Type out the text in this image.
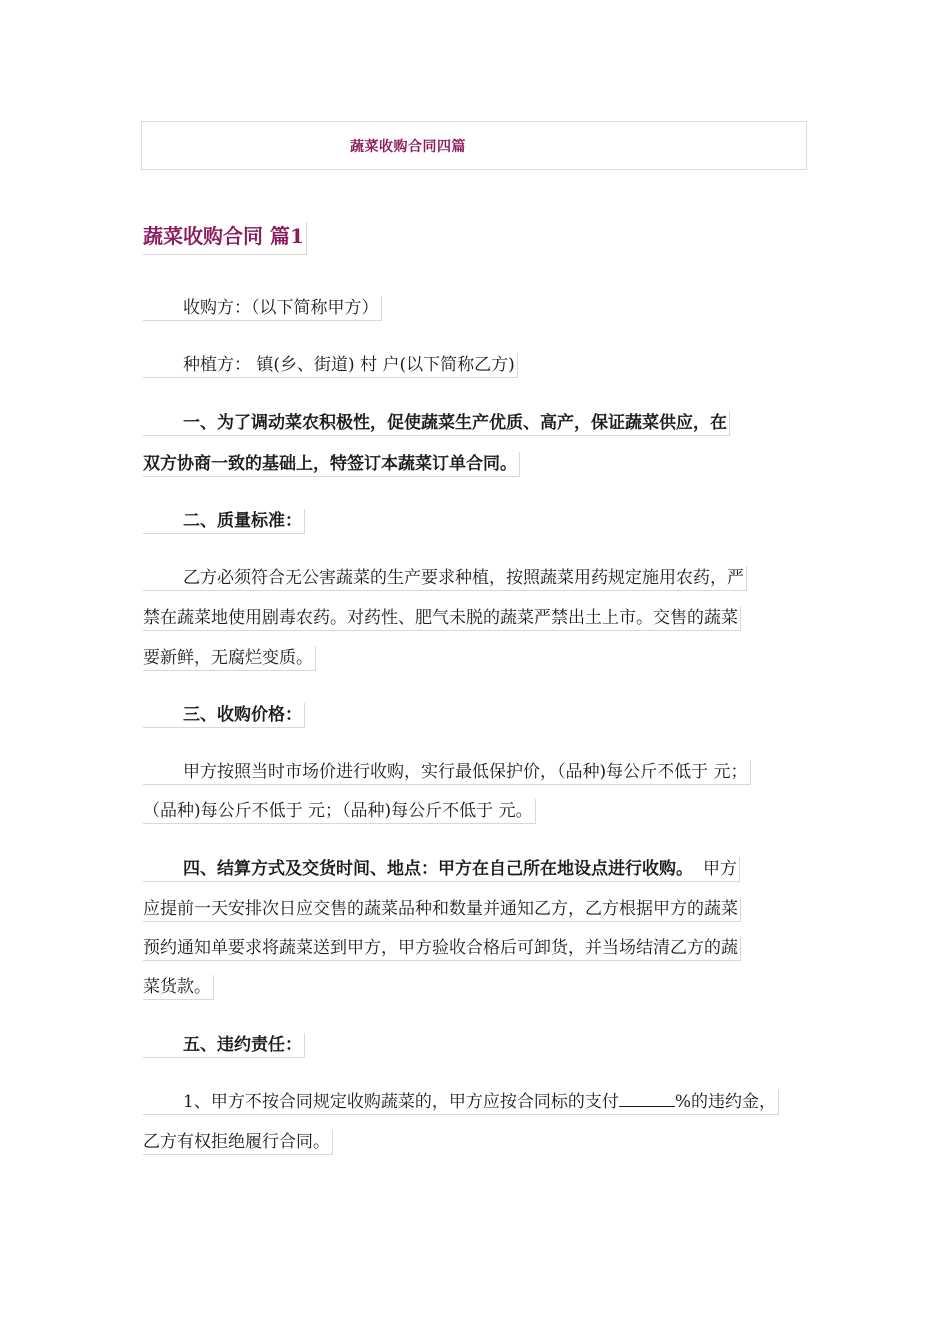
蔬菜收购合同四篇
蔬菜收购合同 篇1
收购方：（以下简称甲方）
种植方： 镇(乡、街道) 村 户(以下简称乙方)
一、为了调动菜农积极性，促使蔬菜生产优质、高产，保证蔬菜供应，在
双方协商一致的基础上，特签订本蔬菜订单合同。
二、质量标准：
乙方必须符合无公害蔬菜的生产要求种植，按照蔬菜用药规定施用农药，严
禁在蔬菜地使用剧毒农药。对药性、肥气未脱的蔬菜严禁出土上市。交售的蔬菜
要新鲜，无腐烂变质。
三、收购价格：
甲方按照当时市场价进行收购，实行最低保护价，（品种)每公斤不低于 元；
（品种)每公斤不低于 元；（品种)每公斤不低于 元。
四、结算方式及交货时间、地点：甲方在自己所在地设点进行收购。 甲方
应提前一天安排次日应交售的蔬菜品种和数量并通知乙方，乙方根据甲方的蔬菜
预约通知单要求将蔬菜送到甲方，甲方验收合格后可卸货，并当场结清乙方的蔬
菜货款。
五、违约责任：
1、甲方不按合同规定收购蔬菜的，甲方应按合同标的支付	%的违约金，
乙方有权拒绝履行合同。
